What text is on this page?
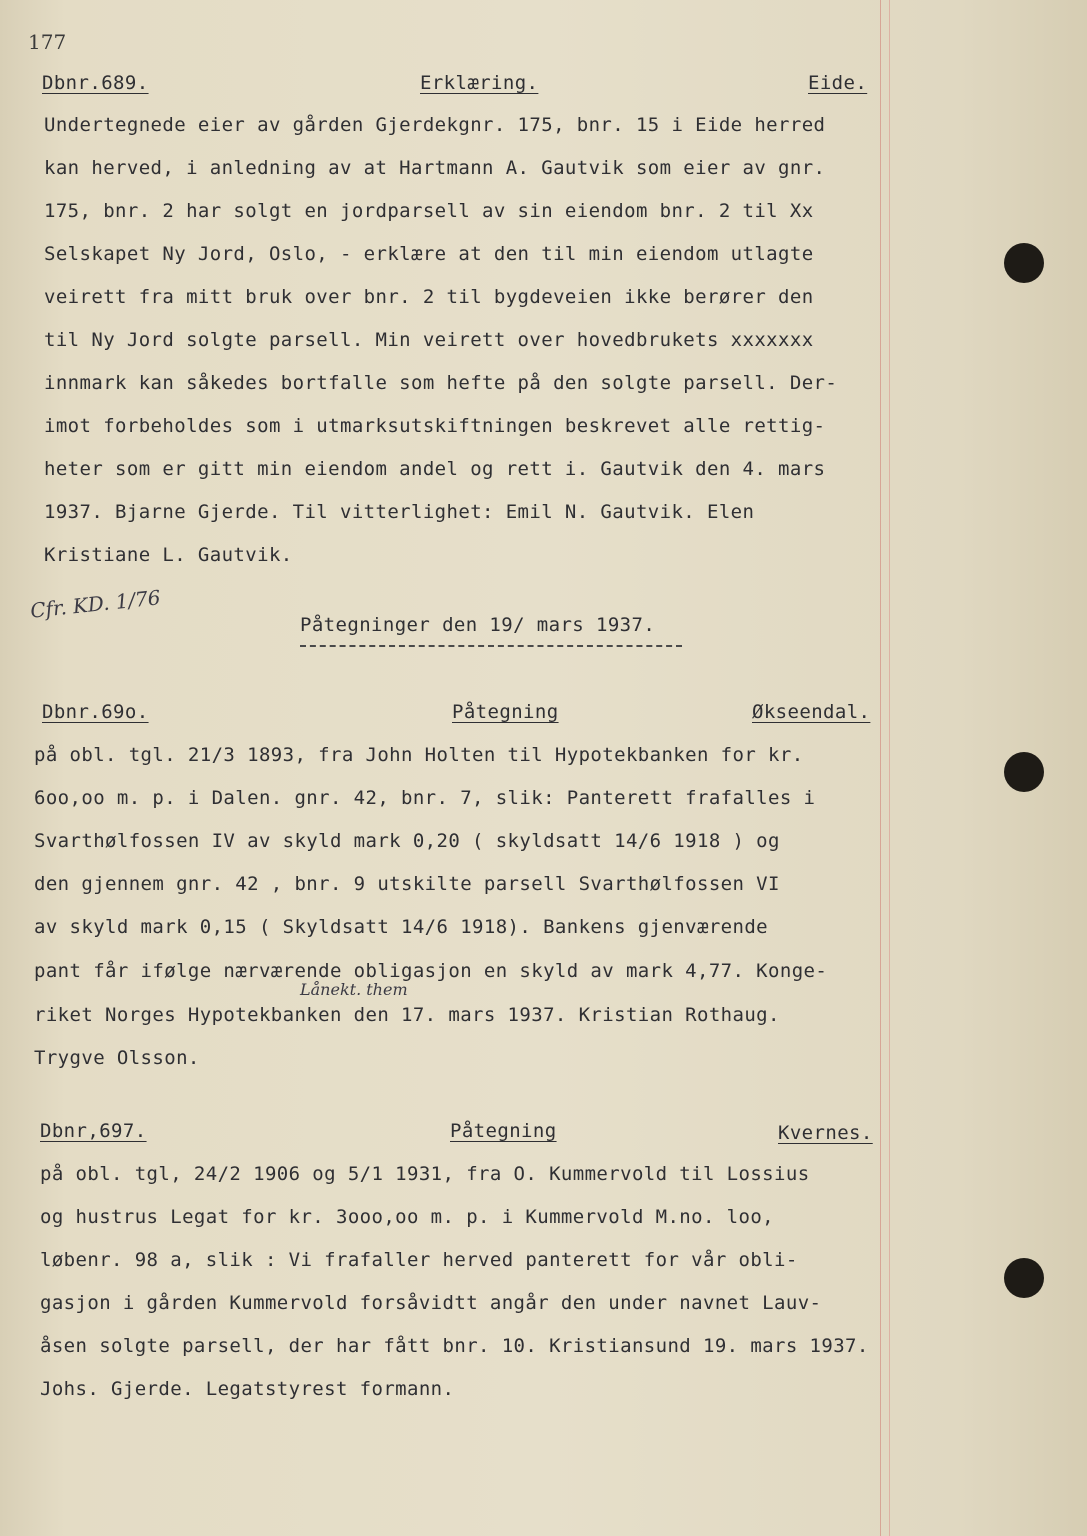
177
Dbnr.689.	Erklæring.	Eide.
Undertegnede eier av gården Gjerdekgnr. 175, bnr. 15 i Eide herred
kan herved, i anledning av at Hartmann A. Gautvik som eier av gnr.
175, bnr. 2 har solgt en jordparsell av sin eiendom bnr. 2 til Xx
Selskapet Ny Jord, Oslo, - erklære at den til min eiendom utlagte
veirett fra mitt bruk over bnr. 2 til bygdeveien ikke berører den
til Ny Jord solgte parsell. Min veirett over hovedbrukets xxxxxxx
innmark kan såkedes bortfalle som hefte på den solgte parsell. Der-
imot forbeholdes som i utmarksutskiftningen beskrevet alle rettig-
heter som er gitt min eiendom andel og rett i. Gautvik den 4. mars
1937. Bjarne Gjerde. Til vitterlighet: Emil N. Gautvik. Elen
Kristiane L. Gautvik.
Cfr. KD. 1/76
Påtegninger den 19/ mars 1937.
Dbnr.69o.	Påtegning	Økseendal.
på obl. tgl. 21/3 1893, fra John Holten til Hypotekbanken for kr.
6oo,oo m. p. i Dalen. gnr. 42, bnr. 7, slik: Panterett frafalles i
Svarthølfossen IV av skyld mark 0,20 ( skyldsatt 14/6 1918 ) og
den gjennem gnr. 42 , bnr. 9 utskilte parsell Svarthølfossen VI
av skyld mark 0,15 ( Skyldsatt 14/6 1918). Bankens gjenværende
pant får ifølge nærværende obligasjon en skyld av mark 4,77. Konge-
Lånekt. them
riket Norges Hypotekbanken den 17. mars 1937. Kristian Rothaug.
Trygve Olsson.
Dbnr,697.	Påtegning	Kvernes.
på obl. tgl, 24/2 1906 og 5/1 1931, fra O. Kummervold til Lossius
og hustrus Legat for kr. 3ooo,oo m. p. i Kummervold M.no. loo,
løbenr. 98 a, slik : Vi frafaller herved panterett for vår obli-
gasjon i gården Kummervold forsåvidtt angår den under navnet Lauv-
åsen solgte parsell, der har fått bnr. 10. Kristiansund 19. mars 1937.
Johs. Gjerde. Legatstyrest formann.
